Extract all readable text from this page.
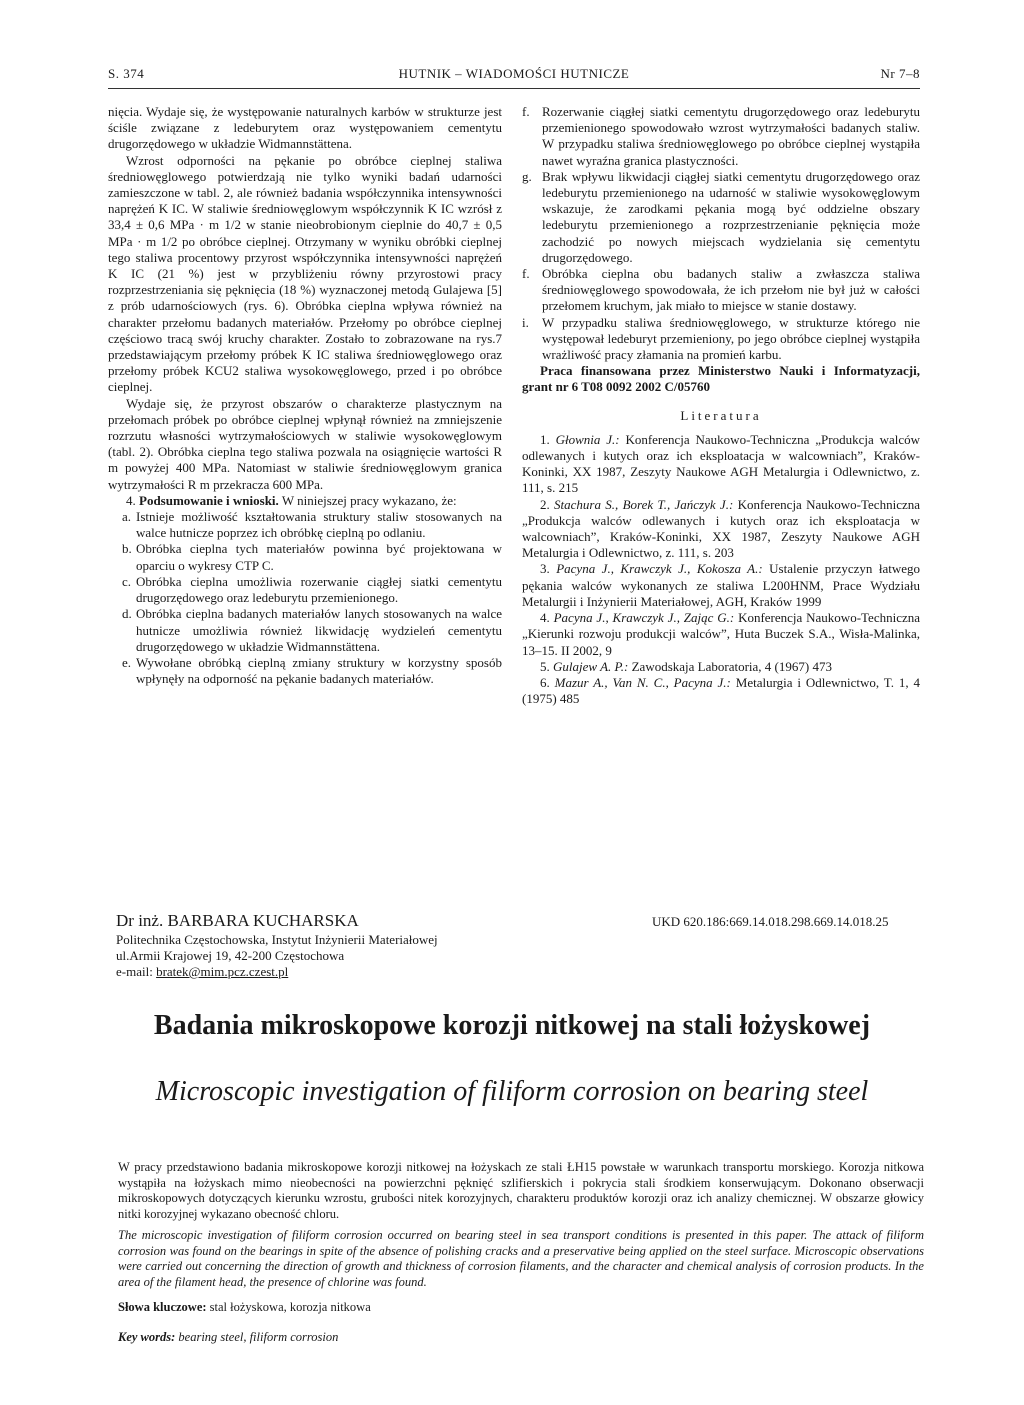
S. 374	HUTNIK – WIADOMOŚCI HUTNICZE	Nr 7–8

nięcia. Wydaje się, że występowanie naturalnych karbów w strukturze jest ściśle związane z ledeburytem oraz występowaniem cementytu drugorzędowego w układzie Widmannstättena.

Wzrost odporności na pękanie po obróbce cieplnej staliwa średniowęglowego potwierdzają nie tylko wyniki badań udarności zamieszczone w tabl. 2, ale również badania współczynnika intensywności naprężeń K IC. W staliwie średniowęglowym współczynnik K IC wzrósł z 33,4 ± 0,6 MPa · m 1/2 w stanie nieobrobionym cieplnie do 40,7 ± 0,5 MPa · m 1/2 po obróbce cieplnej. Otrzymany w wyniku obróbki cieplnej tego staliwa procentowy przyrost współczynnika intensywności naprężeń K IC (21 %) jest w przybliżeniu równy przyrostowi pracy rozprzestrzeniania się pęknięcia (18 %) wyznaczonej metodą Gulajewa [5] z prób udarnościowych (rys. 6). Obróbka cieplna wpływa również na charakter przełomu badanych materiałów. Przełomy po obróbce cieplnej częściowo tracą swój kruchy charakter. Zostało to zobrazowane na rys.7 przedstawiającym przełomy próbek K IC staliwa średniowęglowego oraz przełomy próbek KCU2 staliwa wysokowęglowego, przed i po obróbce cieplnej.

Wydaje się, że przyrost obszarów o charakterze plastycznym na przełomach próbek po obróbce cieplnej wpłynął również na zmniejszenie rozrzutu własności wytrzymałościowych w staliwie wysokowęglowym (tabl. 2). Obróbka cieplna tego staliwa pozwala na osiągnięcie wartości R m powyżej 400 MPa. Natomiast w staliwie średniowęglowym granica wytrzymałości R m przekracza 600 MPa.

4. Podsumowanie i wnioski. W niniejszej pracy wykazano, że:

a. Istnieje możliwość kształtowania struktury staliw stosowanych na walce hutnicze poprzez ich obróbkę cieplną po odlaniu.
b. Obróbka cieplna tych materiałów powinna być projektowana w oparciu o wykresy CTP C.
c. Obróbka cieplna umożliwia rozerwanie ciągłej siatki cementytu drugorzędowego oraz ledeburytu przemienionego.
d. Obróbka cieplna badanych materiałów lanych stosowanych na walce hutnicze umożliwia również likwidację wydzieleń cementytu drugorzędowego w układzie Widmannstättena.
e. Wywołane obróbką cieplną zmiany struktury w korzystny sposób wpłynęły na odporność na pękanie badanych materiałów.
f. Rozerwanie ciągłej siatki cementytu drugorzędowego oraz ledeburytu przemienionego spowodowało wzrost wytrzymałości badanych staliw. W przypadku staliwa średniowęglowego po obróbce cieplnej wystąpiła nawet wyraźna granica plastyczności.
g. Brak wpływu likwidacji ciągłej siatki cementytu drugorzędowego oraz ledeburytu przemienionego na udarność w staliwie wysokowęglowym wskazuje, że zarodkami pękania mogą być oddzielne obszary ledeburytu przemienionego a rozprzestrzenianie pęknięcia może zachodzić po nowych miejscach wydzielania się cementytu drugorzędowego.
f. Obróbka cieplna obu badanych staliw a zwłaszcza staliwa średniowęglowego spowodowała, że ich przełom nie był już w całości przełomem kruchym, jak miało to miejsce w stanie dostawy.
i. W przypadku staliwa średniowęglowego, w strukturze którego nie występował ledeburyt przemieniony, po jego obróbce cieplnej wystąpiła wrażliwość pracy złamania na promień karbu.

Praca finansowana przez Ministerstwo Nauki i Informatyzacji, grant nr 6 T08 0092 2002 C/05760

Literatura

1. Głownia J.: Konferencja Naukowo-Techniczna „Produkcja walców odlewanych i kutych oraz ich eksploatacja w walcowniach”, Kraków-Koninki, XX 1987, Zeszyty Naukowe AGH Metalurgia i Odlewnictwo, z. 111, s. 215

2. Stachura S., Borek T., Jańczyk J.: Konferencja Naukowo-Techniczna „Produkcja walców odlewanych i kutych oraz ich eksploatacja w walcowniach”, Kraków-Koninki, XX 1987, Zeszyty Naukowe AGH Metalurgia i Odlewnictwo, z. 111, s. 203

3. Pacyna J., Krawczyk J., Kokosza A.: Ustalenie przyczyn łatwego pękania walców wykonanych ze staliwa L200HNM, Prace Wydziału Metalurgii i Inżynierii Materiałowej, AGH, Kraków 1999

4. Pacyna J., Krawczyk J., Zając G.: Konferencja Naukowo-Techniczna „Kierunki rozwoju produkcji walców”, Huta Buczek S.A., Wisła-Malinka, 13–15. II 2002, 9

5. Gulajew A. P.: Zawodskaja Laboratoria, 4 (1967) 473

6. Mazur A., Van N. C., Pacyna J.: Metalurgia i Odlewnictwo, T. 1, 4 (1975) 485

Dr inż. BARBARA KUCHARSKA
Politechnika Częstochowska, Instytut Inżynierii Materiałowej
ul.Armii Krajowej 19, 42-200 Częstochowa
e-mail: bratek@mim.pcz.czest.pl
UKD 620.186:669.14.018.298.669.14.018.25
Badania mikroskopowe korozji nitkowej na stali łożyskowej
Microscopic investigation of filiform corrosion on bearing steel
W pracy przedstawiono badania mikroskopowe korozji nitkowej na łożyskach ze stali ŁH15 powstałe w warunkach transportu morskiego. Korozja nitkowa wystąpiła na łożyskach mimo nieobecności na powierzchni pęknięć szlifierskich i pokrycia stali środkiem konserwującym. Dokonano obserwacji mikroskopowych dotyczących kierunku wzrostu, grubości nitek korozyjnych, charakteru produktów korozji oraz ich analizy chemicznej. W obszarze głowicy nitki korozyjnej wykazano obecność chloru.
The microscopic investigation of filiform corrosion occurred on bearing steel in sea transport conditions is presented in this paper. The attack of filiform corrosion was found on the bearings in spite of the absence of polishing cracks and a preservative being applied on the steel surface. Microscopic observations were carried out concerning the direction of growth and thickness of corrosion filaments, and the character and chemical analysis of corrosion products. In the area of the filament head, the presence of chlorine was found.
Słowa kluczowe: stal łożyskowa, korozja nitkowa
Key words: bearing steel, filiform corrosion
